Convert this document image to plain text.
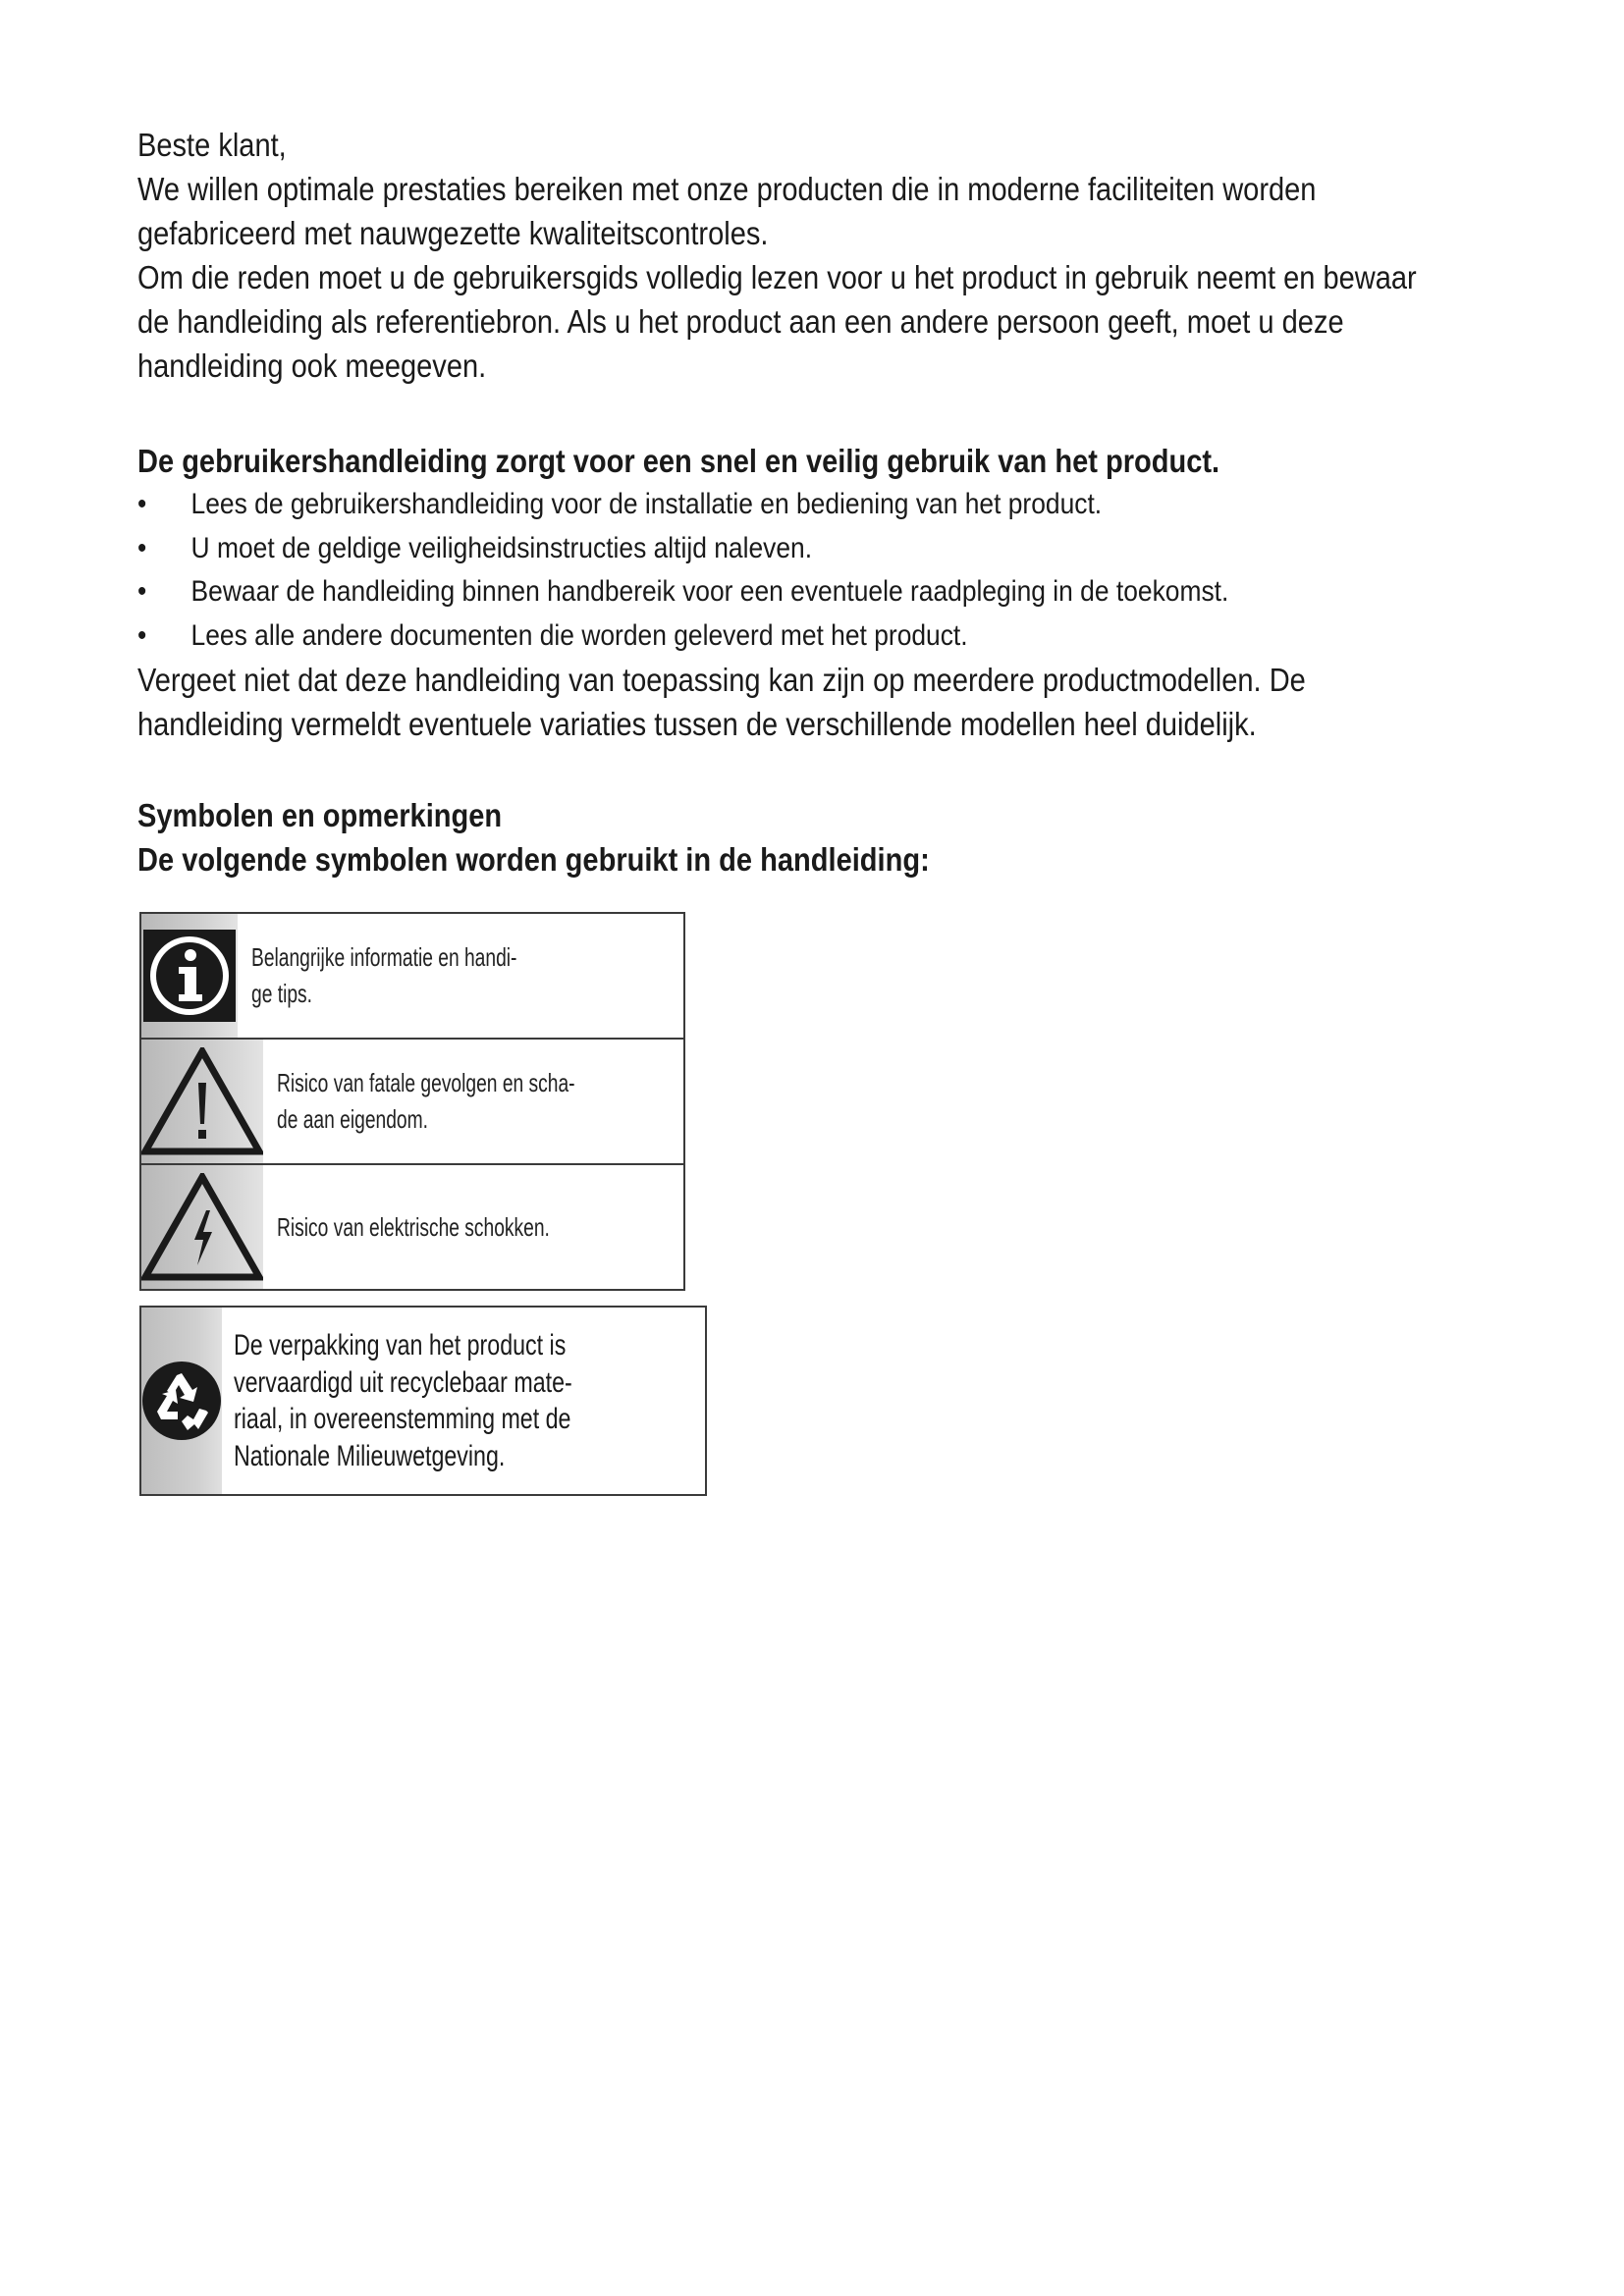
Beste klant,

We willen optimale prestaties bereiken met onze producten die in moderne faciliteiten worden

gefabriceerd met nauwgezette kwaliteitscontroles.

Om die reden moet u de gebruikersgids volledig lezen voor u het product in gebruik neemt en bewaar

de handleiding als referentiebron. Als u het product aan een andere persoon geeft, moet u deze

handleiding ook meegeven.

De gebruikershandleiding zorgt voor een snel en veilig gebruik van het product.

• Lees de gebruikershandleiding voor de installatie en bediening van het product.
• U moet de geldige veiligheidsinstructies altijd naleven.
• Bewaar de handleiding binnen handbereik voor een eventuele raadpleging in de toekomst.
• Lees alle andere documenten die worden geleverd met het product.

Vergeet niet dat deze handleiding van toepassing kan zijn op meerdere productmodellen. De

handleiding vermeldt eventuele variaties tussen de verschillende modellen heel duidelijk.

Symbolen en opmerkingen

De volgende symbolen worden gebruikt in de handleiding:

Belangrijke informatie en handi-
ge tips.
Risico van fatale gevolgen en scha-
de aan eigendom.
Risico van elektrische schokken.
De verpakking van het product is
vervaardigd uit recyclebaar mate-
riaal, in overeenstemming met de
Nationale Milieuwetgeving.
